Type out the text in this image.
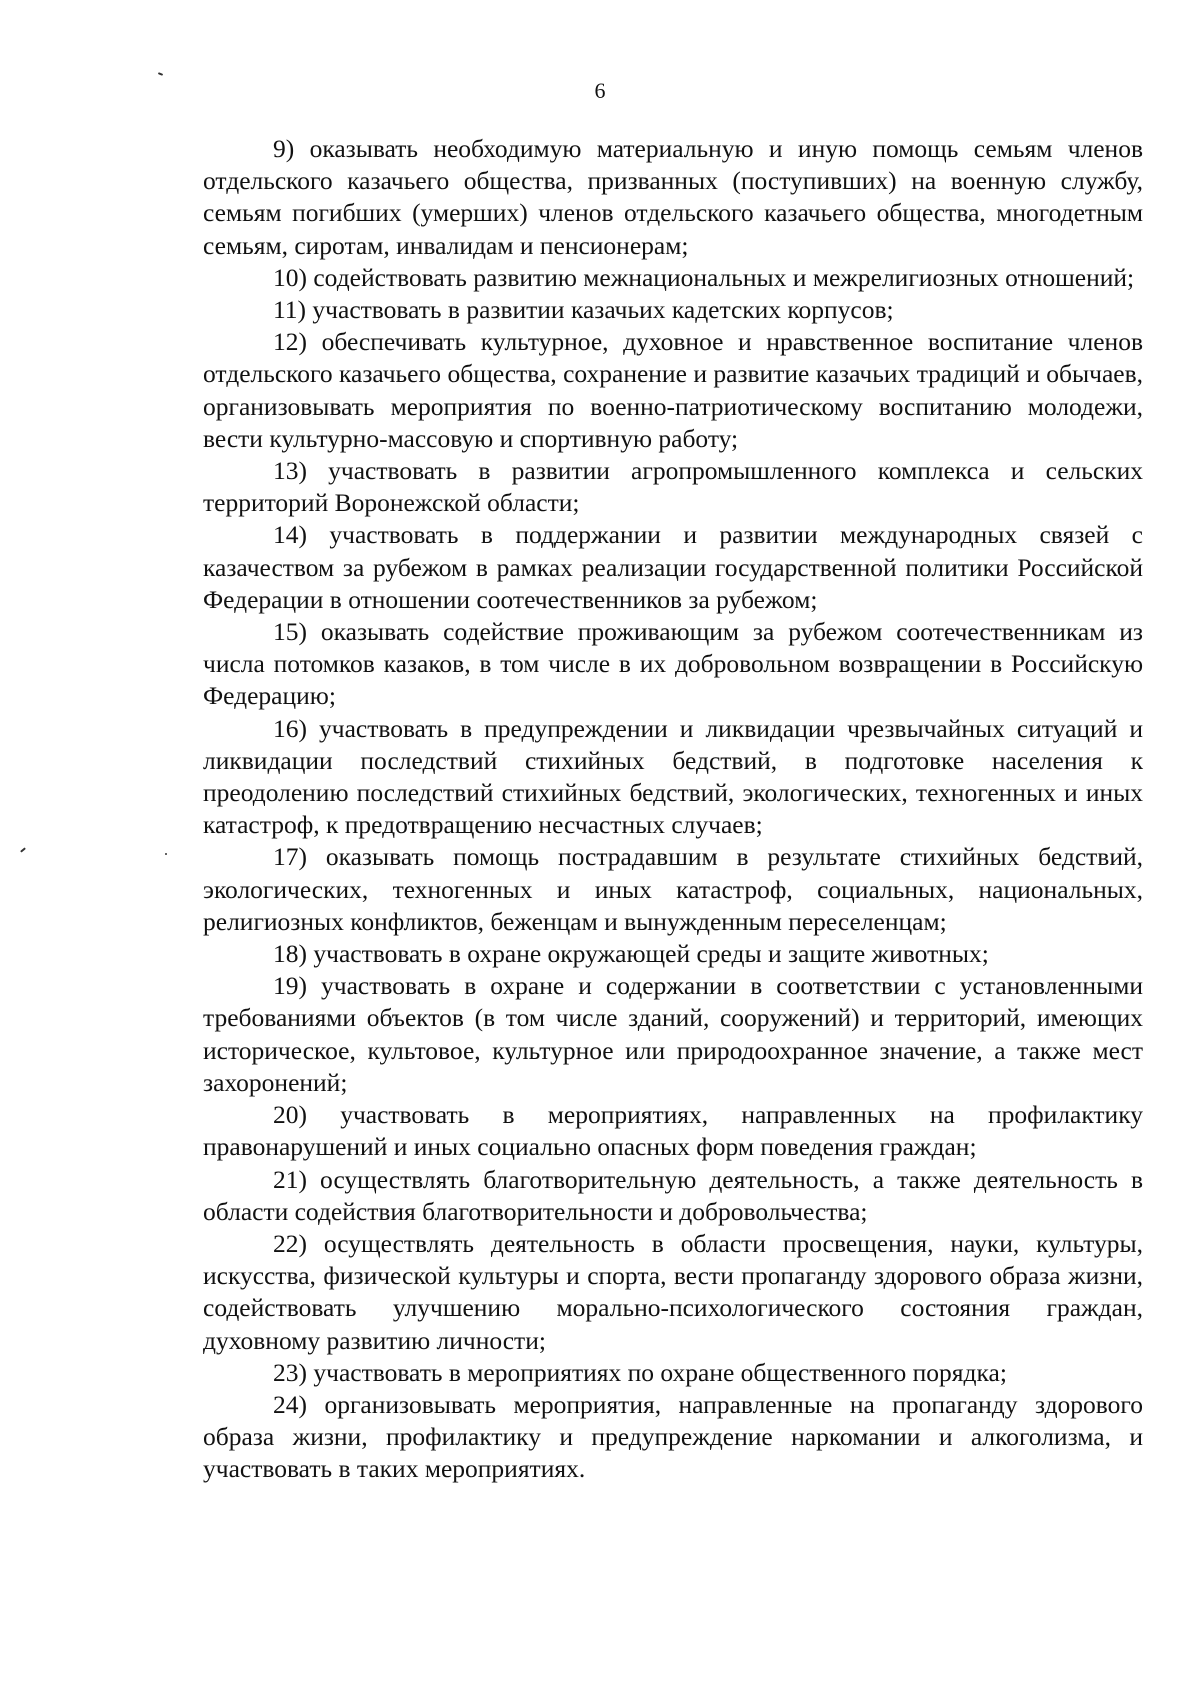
6

9) оказывать необходимую материальную и иную помощь семьям членов отдельского казачьего общества, призванных (поступивших) на военную службу, семьям погибших (умерших) членов отдельского казачьего общества, многодетным семьям, сиротам, инвалидам и пенсионерам;

10) содействовать развитию межнациональных и межрелигиозных отношений;

11) участвовать в развитии казачьих кадетских корпусов;

12) обеспечивать культурное, духовное и нравственное воспитание членов отдельского казачьего общества, сохранение и развитие казачьих традиций и обычаев, организовывать мероприятия по военно-патриотическому воспитанию молодежи, вести культурно-массовую и спортивную работу;

13) участвовать в развитии агропромышленного комплекса и сельских территорий Воронежской области;

14) участвовать в поддержании и развитии международных связей с казачеством за рубежом в рамках реализации государственной политики Российской Федерации в отношении соотечественников за рубежом;

15) оказывать содействие проживающим за рубежом соотечественникам из числа потомков казаков, в том числе в их добровольном возвращении в Российскую Федерацию;

16) участвовать в предупреждении и ликвидации чрезвычайных ситуаций и ликвидации последствий стихийных бедствий, в подготовке населения к преодолению последствий стихийных бедствий, экологических, техногенных и иных катастроф, к предотвращению несчастных случаев;

17) оказывать помощь пострадавшим в результате стихийных бедствий, экологических, техногенных и иных катастроф, социальных, национальных, религиозных конфликтов, беженцам и вынужденным переселенцам;

18) участвовать в охране окружающей среды и защите животных;

19) участвовать в охране и содержании в соответствии с установленными требованиями объектов (в том числе зданий, сооружений) и территорий, имеющих историческое, культовое, культурное или природоохранное значение, а также мест захоронений;

20) участвовать в мероприятиях, направленных на профилактику правонарушений и иных социально опасных форм поведения граждан;

21) осуществлять благотворительную деятельность, а также деятельность в области содействия благотворительности и добровольчества;

22) осуществлять деятельность в области просвещения, науки, культуры, искусства, физической культуры и спорта, вести пропаганду здорового образа жизни, содействовать улучшению морально-психологического состояния граждан, духовному развитию личности;

23) участвовать в мероприятиях по охране общественного порядка;

24) организовывать мероприятия, направленные на пропаганду здорового образа жизни, профилактику и предупреждение наркомании и алкоголизма, и участвовать в таких мероприятиях.
